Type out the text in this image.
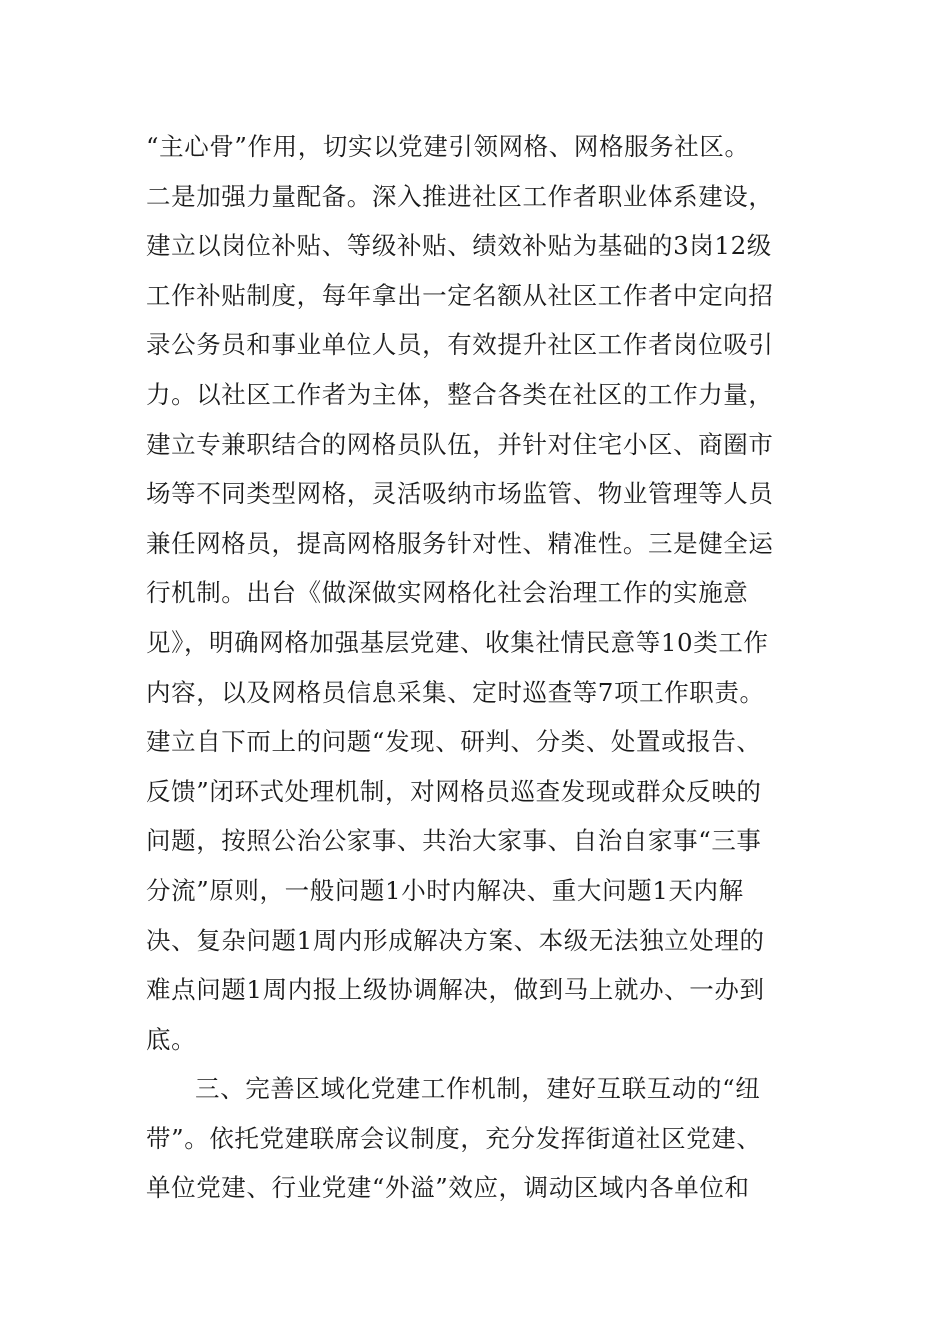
“主心骨”作用，切实以党建引领网格、网格服务社区。
二是加强力量配备。深入推进社区工作者职业体系建设，
建立以岗位补贴、等级补贴、绩效补贴为基础的3岗12级
工作补贴制度，每年拿出一定名额从社区工作者中定向招
录公务员和事业单位人员，有效提升社区工作者岗位吸引
力。以社区工作者为主体，整合各类在社区的工作力量，
建立专兼职结合的网格员队伍，并针对住宅小区、商圈市
场等不同类型网格，灵活吸纳市场监管、物业管理等人员
兼任网格员，提高网格服务针对性、精准性。三是健全运
行机制。出台《做深做实网格化社会治理工作的实施意
见》，明确网格加强基层党建、收集社情民意等10类工作
内容，以及网格员信息采集、定时巡查等7项工作职责。
建立自下而上的问题“发现、研判、分类、处置或报告、
反馈”闭环式处理机制，对网格员巡查发现或群众反映的
问题，按照公治公家事、共治大家事、自治自家事“三事
分流”原则，一般问题1小时内解决、重大问题1天内解
决、复杂问题1周内形成解决方案、本级无法独立处理的
难点问题1周内报上级协调解决，做到马上就办、一办到
底。
三、完善区域化党建工作机制，建好互联互动的“纽
带”。依托党建联席会议制度，充分发挥街道社区党建、
单位党建、行业党建“外溢”效应，调动区域内各单位和
